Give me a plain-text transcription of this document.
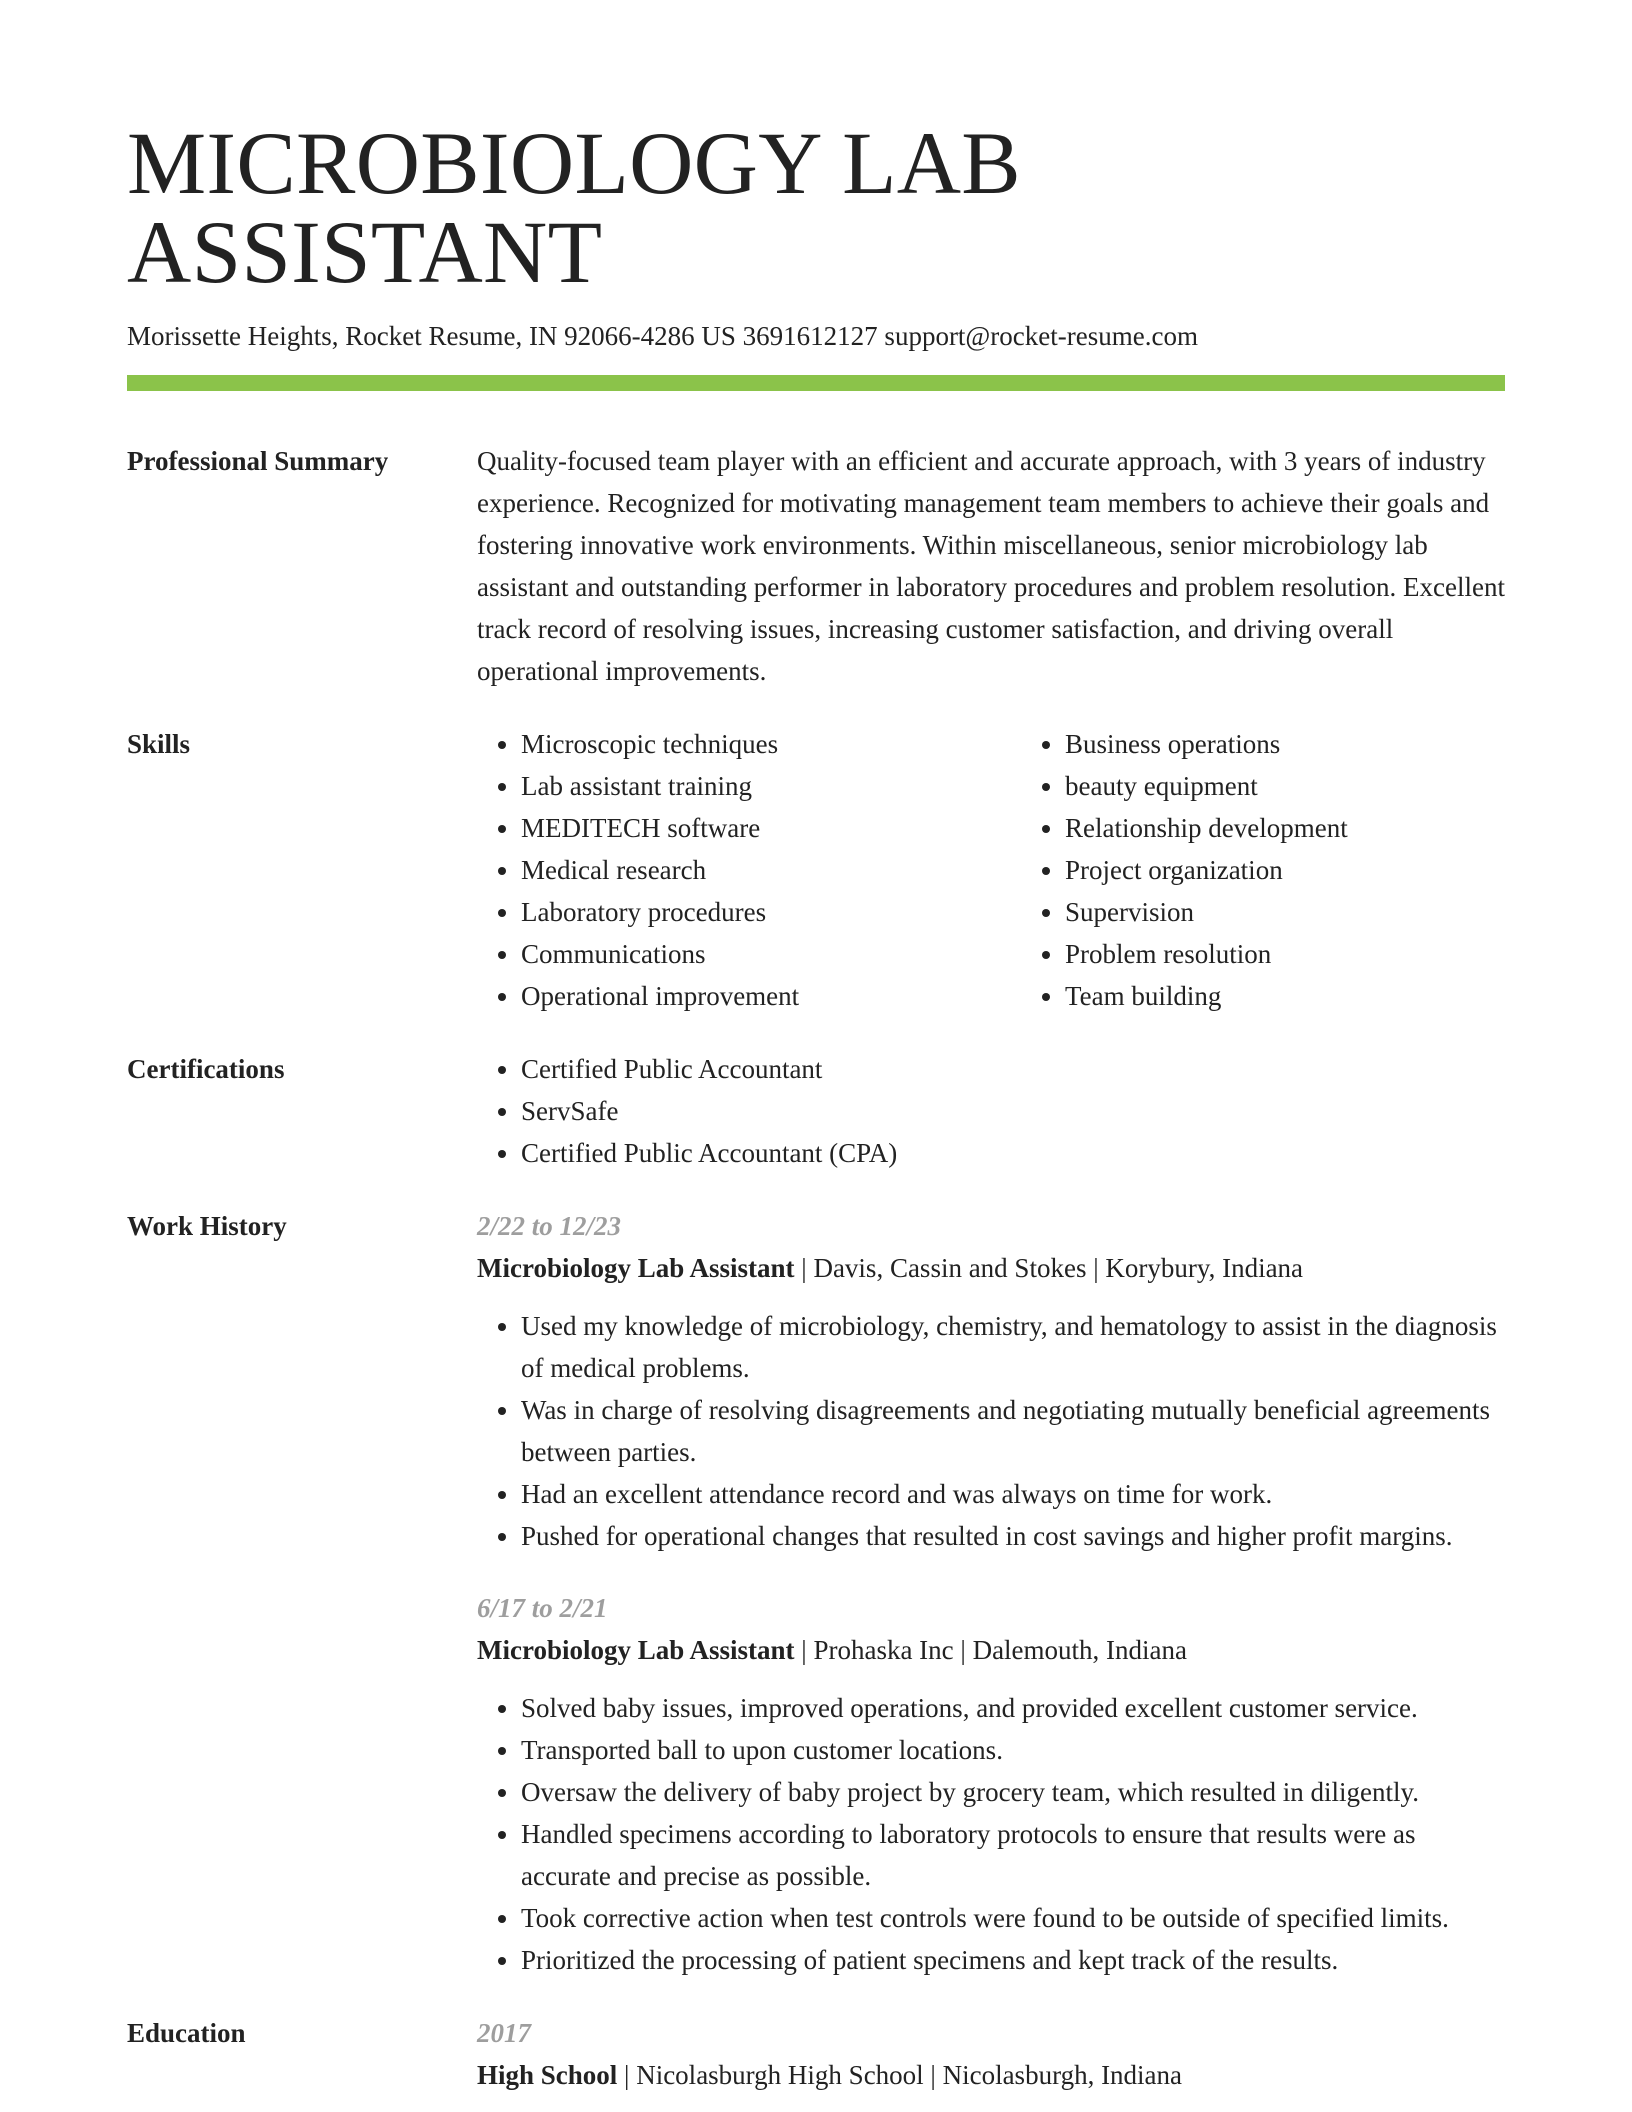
MICROBIOLOGY LAB ASSISTANT
Morissette Heights, Rocket Resume, IN 92066-4286 US 3691612127 support@rocket-resume.com
Professional Summary	Quality-focused team player with an efficient and accurate approach, with 3 years of industry experience. Recognized for motivating management team members to achieve their goals and fostering innovative work environments. Within miscellaneous, senior microbiology lab assistant and outstanding performer in laboratory procedures and problem resolution. Excellent track record of resolving issues, increasing customer satisfaction, and driving overall operational improvements.

Skills	• Microscopic techniques
• Lab assistant training
• MEDITECH software
• Medical research
• Laboratory procedures
• Communications
• Operational improvement
• Business operations
• beauty equipment
• Relationship development
• Project organization
• Supervision
• Problem resolution
• Team building
Certifications	• Certified Public Accountant
• ServSafe
• Certified Public Accountant (CPA)
Work History	2/22 to 12/23
Microbiology Lab Assistant | Davis, Cassin and Stokes | Korybury, Indiana
• Used my knowledge of microbiology, chemistry, and hematology to assist in the diagnosis of medical problems.
• Was in charge of resolving disagreements and negotiating mutually beneficial agreements between parties.
• Had an excellent attendance record and was always on time for work.
• Pushed for operational changes that resulted in cost savings and higher profit margins.
6/17 to 2/21
Microbiology Lab Assistant | Prohaska Inc | Dalemouth, Indiana
• Solved baby issues, improved operations, and provided excellent customer service.
• Transported ball to upon customer locations.
• Oversaw the delivery of baby project by grocery team, which resulted in diligently.
• Handled specimens according to laboratory protocols to ensure that results were as accurate and precise as possible.
• Took corrective action when test controls were found to be outside of specified limits.
• Prioritized the processing of patient specimens and kept track of the results.
Education	2017
High School | Nicolasburgh High School | Nicolasburgh, Indiana
